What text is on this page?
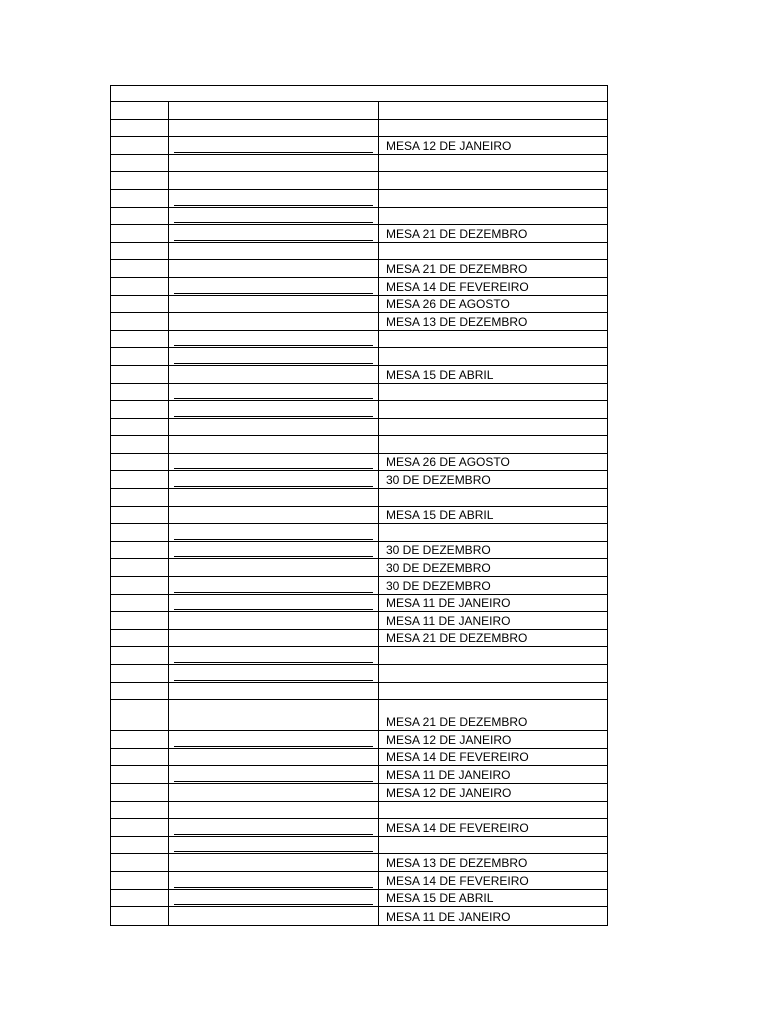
MESA 12 DE JANEIRO
MESA 21 DE DEZEMBRO
MESA 21 DE DEZEMBRO
MESA 14 DE FEVEREIRO
MESA 26 DE AGOSTO
MESA 13 DE DEZEMBRO
MESA 15 DE ABRIL
MESA 26 DE AGOSTO
30 DE DEZEMBRO
MESA 15 DE ABRIL
30 DE DEZEMBRO
30 DE DEZEMBRO
30 DE DEZEMBRO
MESA 11 DE JANEIRO
MESA 11 DE JANEIRO
MESA 21 DE DEZEMBRO
MESA 21 DE DEZEMBRO
MESA 12 DE JANEIRO
MESA 14 DE FEVEREIRO
MESA 11 DE JANEIRO
MESA 12 DE JANEIRO
MESA 14 DE FEVEREIRO
MESA 13 DE DEZEMBRO
MESA 14 DE FEVEREIRO
MESA 15 DE ABRIL
MESA 11 DE JANEIRO
